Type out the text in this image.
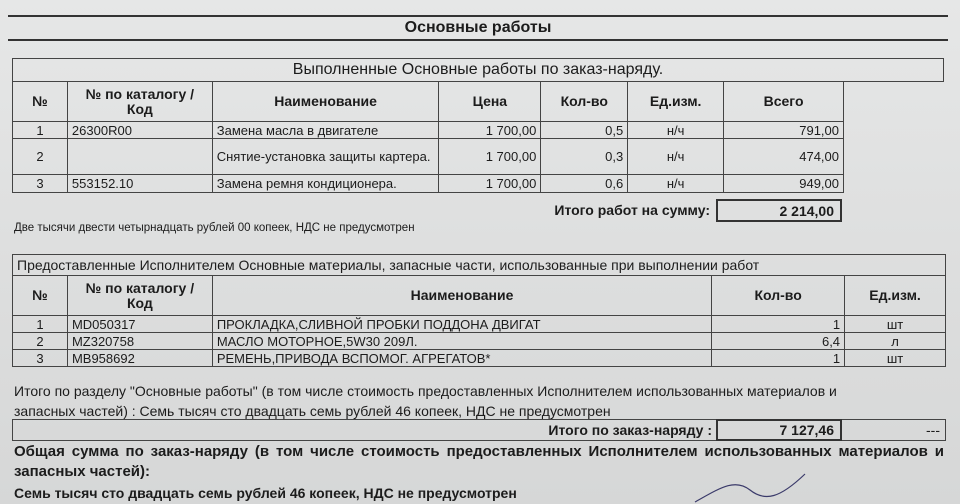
Основные работы
Выполненные Основные работы по заказ-наряду.
№	№ по каталогу / Код	Наименование	Цена	Кол-во	Ед.изм.	Всего
1	26300R00	Замена масла в двигателе	1 700,00	0,5	н/ч	791,00
2		Снятие-установка защиты картера.	1 700,00	0,3	н/ч	474,00
3	553152.10	Замена ремня кондиционера.	1 700,00	0,6	н/ч	949,00
Итого работ на сумму:	2 214,00
Две тысячи двести четырнадцать рублей 00 копеек, НДС не предусмотрен
Предоставленные Исполнителем Основные материалы, запасные части, использованные при выполнении работ
№	№ по каталогу / Код	Наименование	Кол-во	Ед.изм.
1	MD050317	ПРОКЛАДКА,СЛИВНОЙ ПРОБКИ ПОДДОНА ДВИГАТ	1	шт
2	MZ320758	МАСЛО МОТОРНОЕ,5W30 209Л.	6,4	л
3	MB958692	РЕМЕНЬ,ПРИВОДА ВСПОМОГ. АГРЕГАТОВ*	1	шт
Итого по разделу "Основные работы" (в том числе стоимость предоставленных Исполнителем использованных материалов и запасных частей) : Семь тысяч сто двадцать семь рублей 46 копеек, НДС не предусмотрен
Итого по заказ-наряду :	7 127,46	---
Общая сумма по заказ-наряду (в том числе стоимость предоставленных Исполнителем использованных материалов и запасных частей):
Семь тысяч сто двадцать семь рублей 46 копеек, НДС не предусмотрен
